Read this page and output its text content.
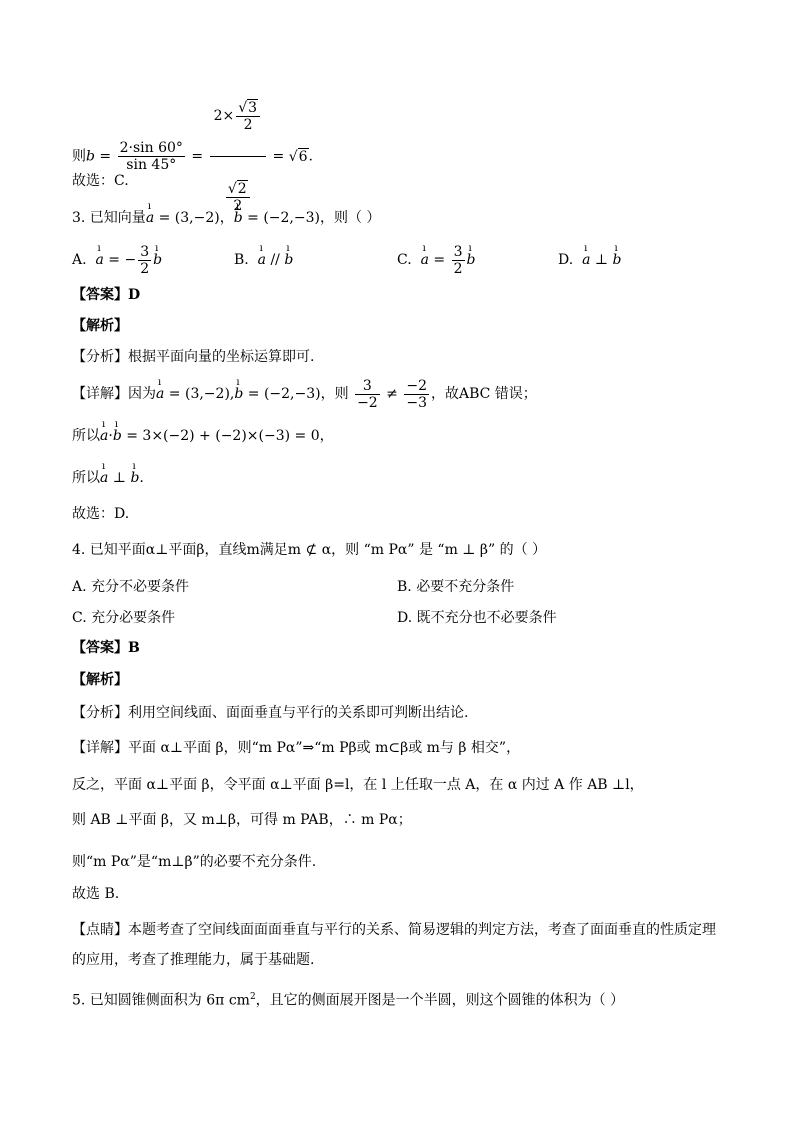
则$b = \frac{2\cdot\sin 60^\circ}{\sin 45^\circ} = \frac{2\times \frac{√3}{2}}{\frac{√2}{2}} = √6$.
故选：C.
3. 已知向量ı a = (3,−2)，ı b = (−2,−3)，则（ ）
A. ı a = − $\frac{3}{2}$ ı b	B. ı a // ı b	C. ı $a = \frac{3}{2}$ ı b	D. ı a ⊥ ı b
【答案】D
【解析】
【分析】根据平面向量的坐标运算即可.
【详解】因为ı a = (3,−2),ı b = (−2,−3)，则 $\frac{3}{-2} \ne \frac{-2}{-3}$ ，故ABC 错误；
所以ı a·ı b = 3×(−2) + (−2)×(−3) = 0，
所以ı a ⊥ ı b.
故选：D.
4. 已知平面α⊥平面β，直线m满足m ⊄ α，则 “m Pα” 是 “m ⊥ β” 的（ ）
A. 充分不必要条件	B. 必要不充分条件
C. 充分必要条件	D. 既不充分也不必要条件
【答案】B
【解析】
【分析】利用空间线面、面面垂直与平行的关系即可判断出结论.
【详解】平面 α⊥平面 β，则“m Pα”⇒“m Pβ或 m⊂β或 m与 β 相交”，
反之，平面 α⊥平面 β，令平面 α⊥平面 β=l，在 l 上任取一点 A，在 α 内过 A 作 AB ⊥l，
则 AB ⊥平面 β，又 m⊥β，可得 m PAB，∴ m Pα；
则“m Pα”是“m⊥β”的必要不充分条件.
故选 B.
【点睛】本题考查了空间线面面面垂直与平行的关系、简易逻辑的判定方法，考查了面面垂直的性质定理
的应用，考查了推理能力，属于基础题.
5. 已知圆锥侧面积为 6π $cm^2$，且它的侧面展开图是一个半圆，则这个圆锥的体积为（ ）
